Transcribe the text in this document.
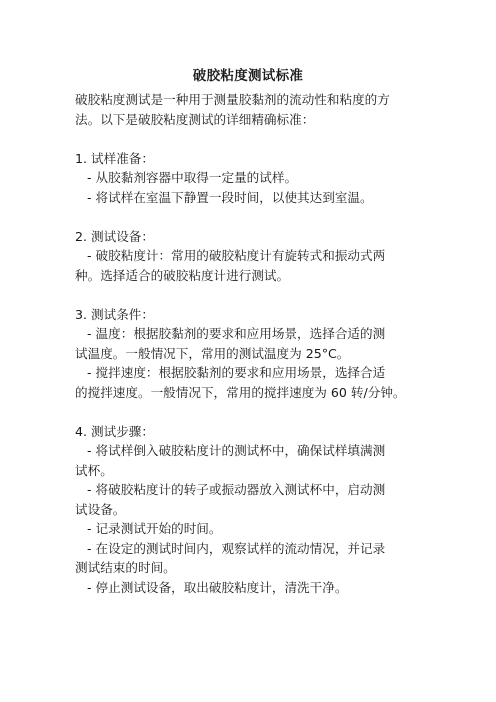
破胶粘度测试标准
破胶粘度测试是一种用于测量胶黏剂的流动性和粘度的方
法。以下是破胶粘度测试的详细精确标准：
1. 试样准备：
- 从胶黏剂容器中取得一定量的试样。
- 将试样在室温下静置一段时间，以使其达到室温。
2. 测试设备：
- 破胶粘度计：常用的破胶粘度计有旋转式和振动式两
种。选择适合的破胶粘度计进行测试。
3. 测试条件：
- 温度：根据胶黏剂的要求和应用场景，选择合适的测
试温度。一般情况下，常用的测试温度为 25°C。
- 搅拌速度：根据胶黏剂的要求和应用场景，选择合适
的搅拌速度。一般情况下，常用的搅拌速度为 60 转/分钟。
4. 测试步骤：
- 将试样倒入破胶粘度计的测试杯中，确保试样填满测
试杯。
- 将破胶粘度计的转子或振动器放入测试杯中，启动测
试设备。
- 记录测试开始的时间。
- 在设定的测试时间内，观察试样的流动情况，并记录
测试结束的时间。
- 停止测试设备，取出破胶粘度计，清洗干净。
